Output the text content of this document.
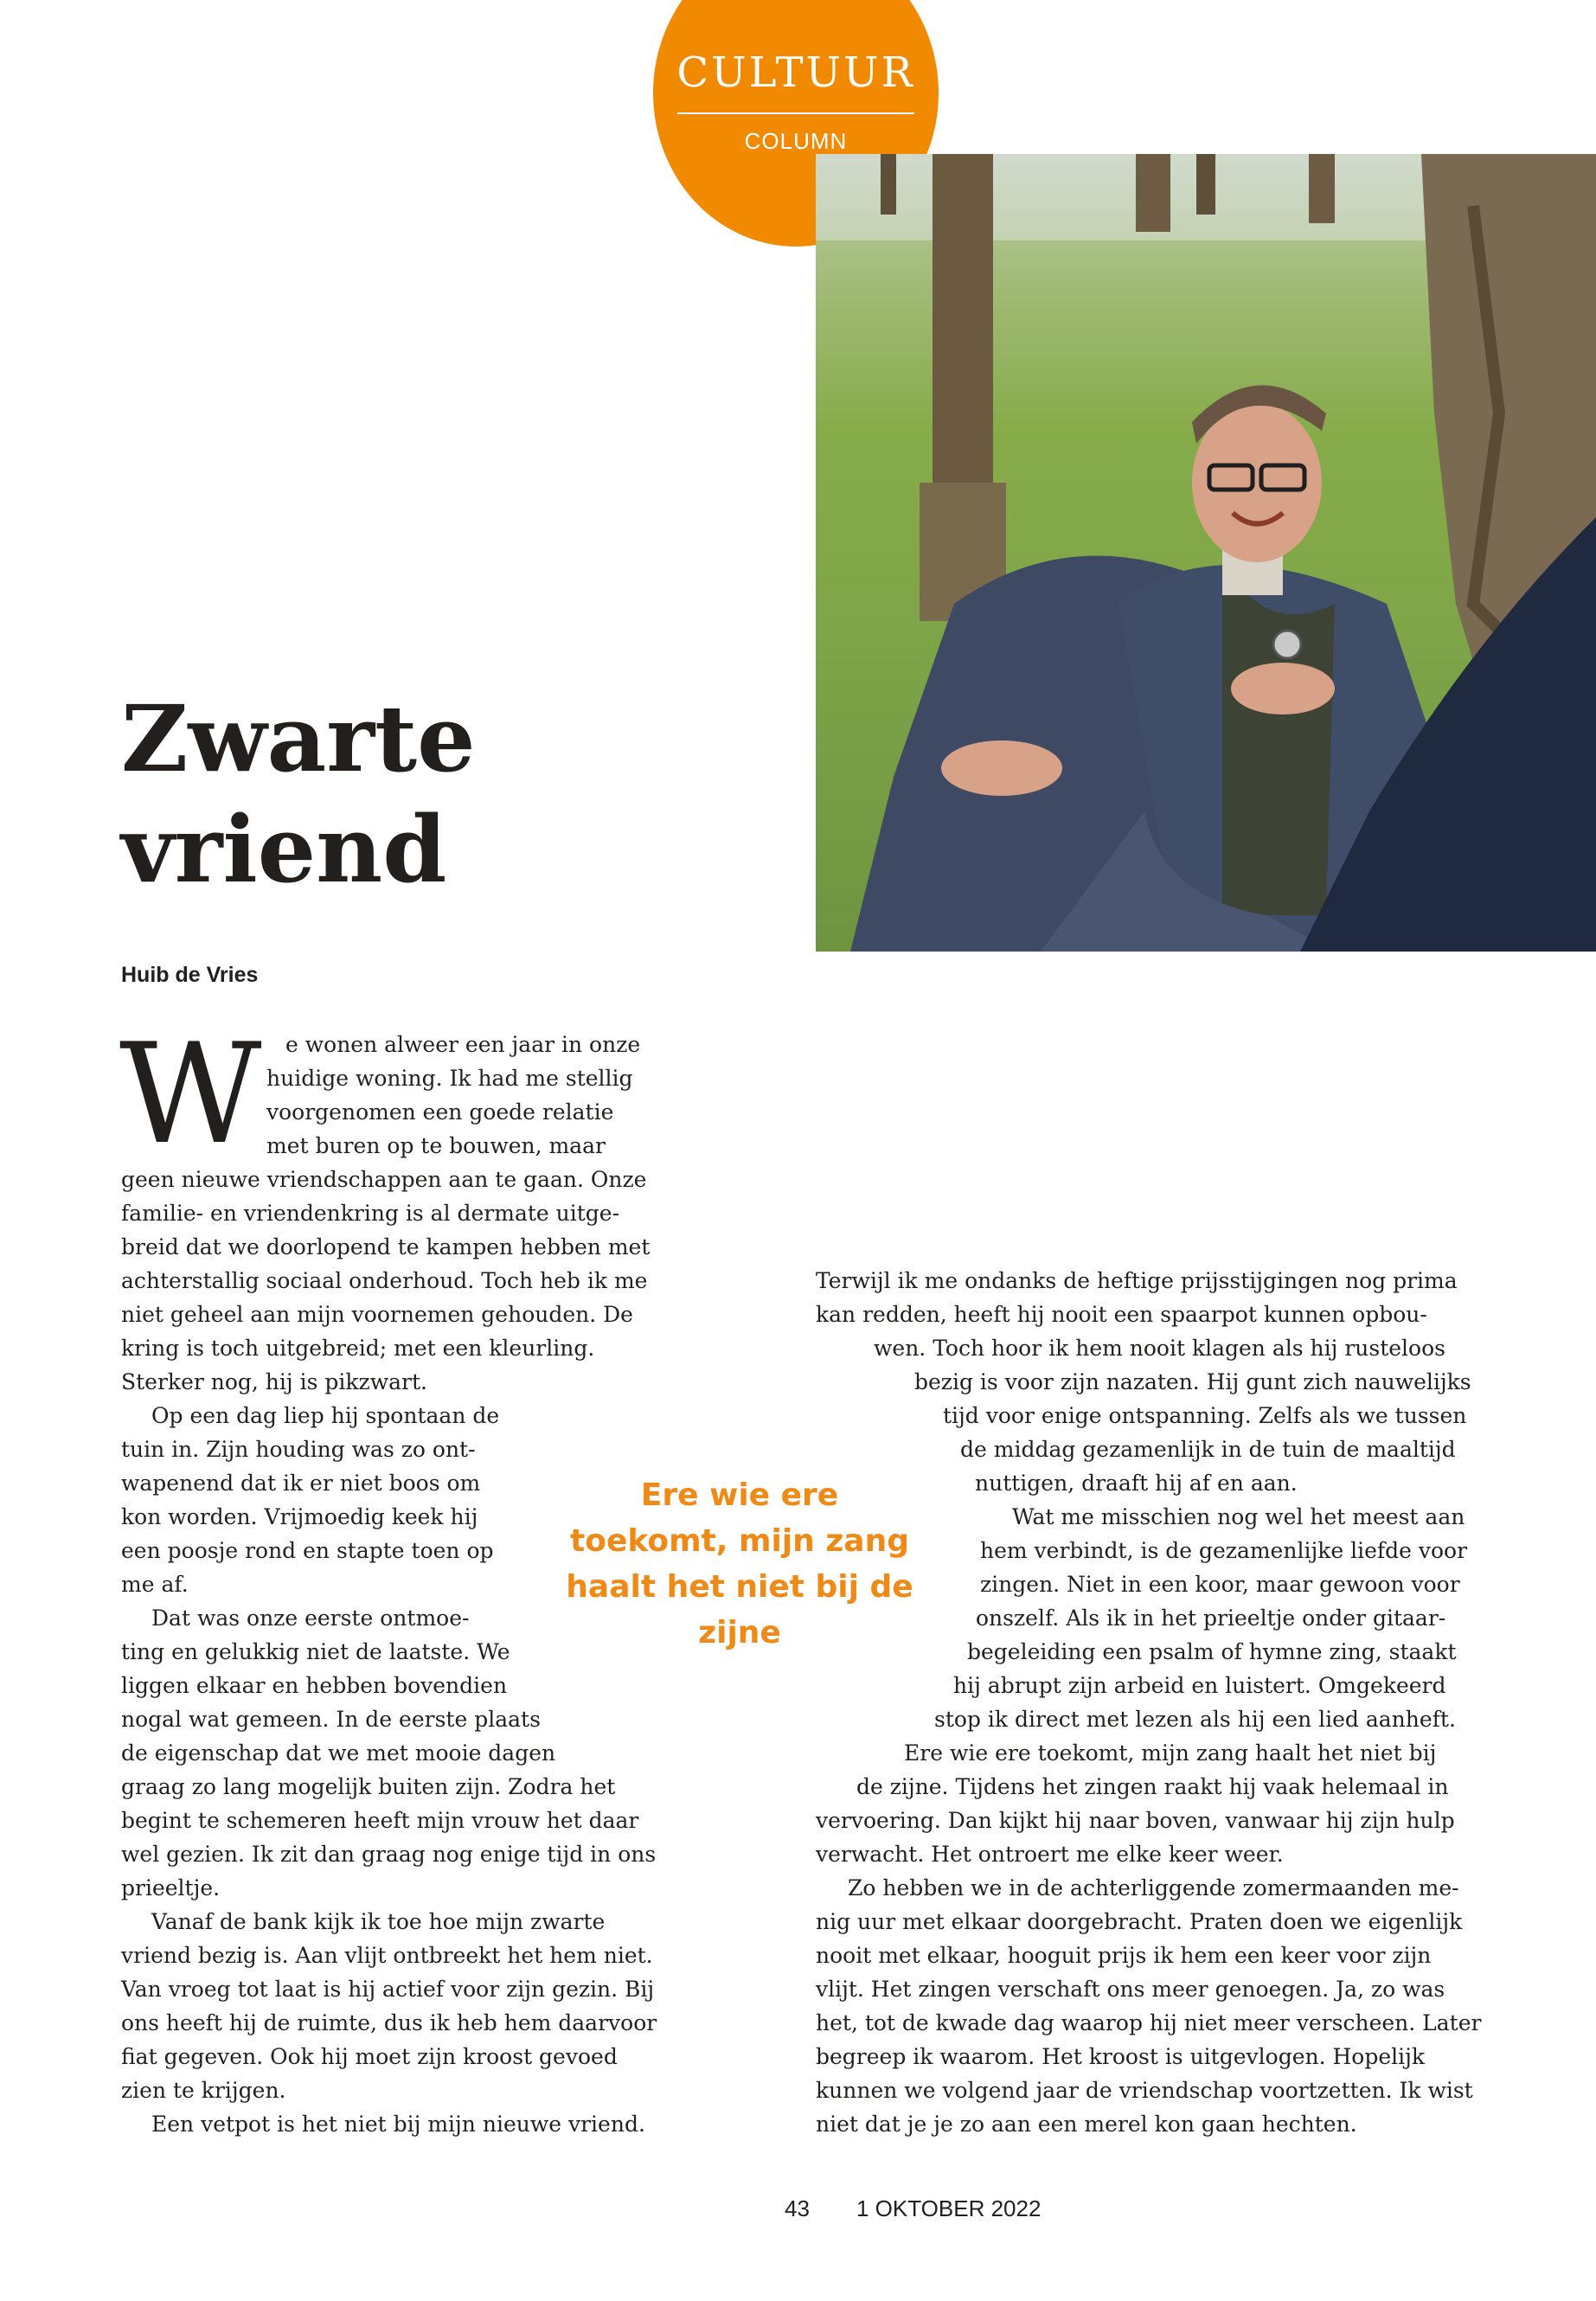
CULTUUR
COLUMN
Zwarte
vriend
Huib de Vries
W e wonen alweer een jaar in onze
huidige woning. Ik had me stellig
voorgenomen een goede relatie
met buren op te bouwen, maar
geen nieuwe vriendschappen aan te gaan. Onze
familie- en vriendenkring is al dermate uitge-
breid dat we doorlopend te kampen hebben met
achterstallig sociaal onderhoud. Toch heb ik me
niet geheel aan mijn voornemen gehouden. De
kring is toch uitgebreid; met een kleurling.
Sterker nog, hij is pikzwart.
Op een dag liep hij spontaan de
tuin in. Zijn houding was zo ont-
wapenend dat ik er niet boos om
kon worden. Vrijmoedig keek hij
een poosje rond en stapte toen op
me af.
Dat was onze eerste ontmoe-
ting en gelukkig niet de laatste. We
liggen elkaar en hebben bovendien
nogal wat gemeen. In de eerste plaats
de eigenschap dat we met mooie dagen
graag zo lang mogelijk buiten zijn. Zodra het
begint te schemeren heeft mijn vrouw het daar
wel gezien. Ik zit dan graag nog enige tijd in ons
prieeltje.
Vanaf de bank kijk ik toe hoe mijn zwarte
vriend bezig is. Aan vlijt ontbreekt het hem niet.
Van vroeg tot laat is hij actief voor zijn gezin. Bij
ons heeft hij de ruimte, dus ik heb hem daarvoor
fiat gegeven. Ook hij moet zijn kroost gevoed
zien te krijgen.
Een vetpot is het niet bij mijn nieuwe vriend.
Ere wie ere
toekomt, mijn zang
haalt het niet bij de
zijne
Terwijl ik me ondanks de heftige prijsstijgingen nog prima
kan redden, heeft hij nooit een spaarpot kunnen opbou-
wen. Toch hoor ik hem nooit klagen als hij rusteloos
bezig is voor zijn nazaten. Hij gunt zich nauwelijks
tijd voor enige ontspanning. Zelfs als we tussen
de middag gezamenlijk in de tuin de maaltijd
nuttigen, draaft hij af en aan.
Wat me misschien nog wel het meest aan
hem verbindt, is de gezamenlijke liefde voor
zingen. Niet in een koor, maar gewoon voor
onszelf. Als ik in het prieeltje onder gitaar-
begeleiding een psalm of hymne zing, staakt
hij abrupt zijn arbeid en luistert. Omgekeerd
stop ik direct met lezen als hij een lied aanheft.
Ere wie ere toekomt, mijn zang haalt het niet bij
de zijne. Tijdens het zingen raakt hij vaak helemaal in
vervoering. Dan kijkt hij naar boven, vanwaar hij zijn hulp
verwacht. Het ontroert me elke keer weer.
Zo hebben we in de achterliggende zomermaanden me-
nig uur met elkaar doorgebracht. Praten doen we eigenlijk
nooit met elkaar, hooguit prijs ik hem een keer voor zijn
vlijt. Het zingen verschaft ons meer genoegen. Ja, zo was
het, tot de kwade dag waarop hij niet meer verscheen. Later
begreep ik waarom. Het kroost is uitgevlogen. Hopelijk
kunnen we volgend jaar de vriendschap voortzetten. Ik wist
niet dat je je zo aan een merel kon gaan hechten.
43 1 OKTOBER 2022
